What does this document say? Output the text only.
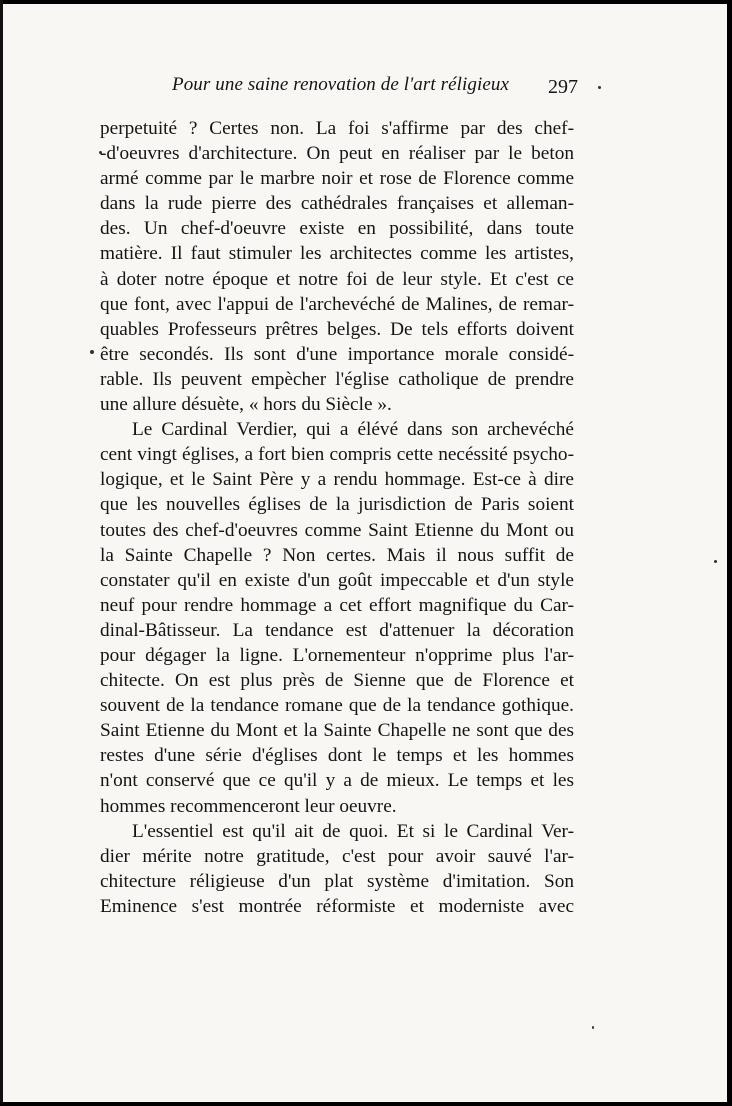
Pour une saine renovation de l'art réligieux 297
perpetuité ? Certes non. La foi s'affirme par des chef-
-d'oeuvres d'architecture. On peut en réaliser par le beton
armé comme par le marbre noir et rose de Florence comme
dans la rude pierre des cathédrales françaises et alleman-
des. Un chef-d'oeuvre existe en possibilité, dans toute
matière. Il faut stimuler les architectes comme les artistes,
à doter notre époque et notre foi de leur style. Et c'est ce
que font, avec l'appui de l'archevéché de Malines, de remar-
quables Professeurs prêtres belges. De tels efforts doivent
être secondés. Ils sont d'une importance morale considé-
rable. Ils peuvent empècher l'église catholique de prendre
une allure désuète, « hors du Siècle ».
Le Cardinal Verdier, qui a élévé dans son archevéché
cent vingt églises, a fort bien compris cette necéssité psycho-
logique, et le Saint Père y a rendu hommage. Est-ce à dire
que les nouvelles églises de la jurisdiction de Paris soient
toutes des chef-d'oeuvres comme Saint Etienne du Mont ou
la Sainte Chapelle ? Non certes. Mais il nous suffit de
constater qu'il en existe d'un goût impeccable et d'un style
neuf pour rendre hommage a cet effort magnifique du Car-
dinal-Bâtisseur. La tendance est d'attenuer la décoration
pour dégager la ligne. L'ornementeur n'opprime plus l'ar-
chitecte. On est plus près de Sienne que de Florence et
souvent de la tendance romane que de la tendance gothique.
Saint Etienne du Mont et la Sainte Chapelle ne sont que des
restes d'une série d'églises dont le temps et les hommes
n'ont conservé que ce qu'il y a de mieux. Le temps et les
hommes recommenceront leur oeuvre.
L'essentiel est qu'il ait de quoi. Et si le Cardinal Ver-
dier mérite notre gratitude, c'est pour avoir sauvé l'ar-
chitecture réligieuse d'un plat système d'imitation. Son
Eminence s'est montrée réformiste et moderniste avec
